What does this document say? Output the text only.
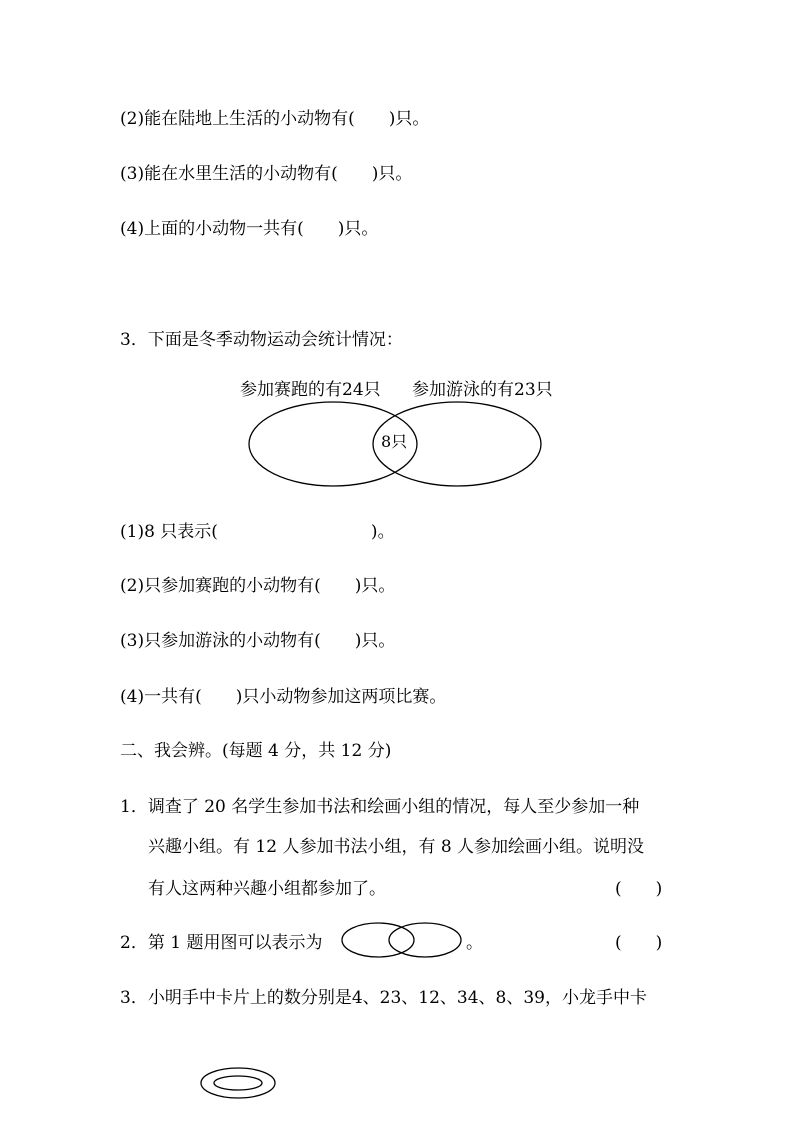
(2)能在陆地上生活的小动物有(　　)只。
(3)能在水里生活的小动物有(　　)只。
(4)上面的小动物一共有(　　)只。
3．下面是冬季动物运动会统计情况：
参加赛跑的有24只 参加游泳的有23只
8只
(1)8 只表示(　　　　　　　　　)。
(2)只参加赛跑的小动物有(　　)只。
(3)只参加游泳的小动物有(　　)只。
(4)一共有(　　)只小动物参加这两项比赛。
二、我会辨。(每题 4 分，共 12 分)
1．调查了 20 名学生参加书法和绘画小组的情况，每人至少参加一种
兴趣小组。有 12 人参加书法小组，有 8 人参加绘画小组。说明没
有人这两种兴趣小组都参加了。	(　　)
2．第 1 题用图可以表示为	。	(　　)
3．小明手中卡片上的数分别是4、23、12、34、8、39，小龙手中卡
